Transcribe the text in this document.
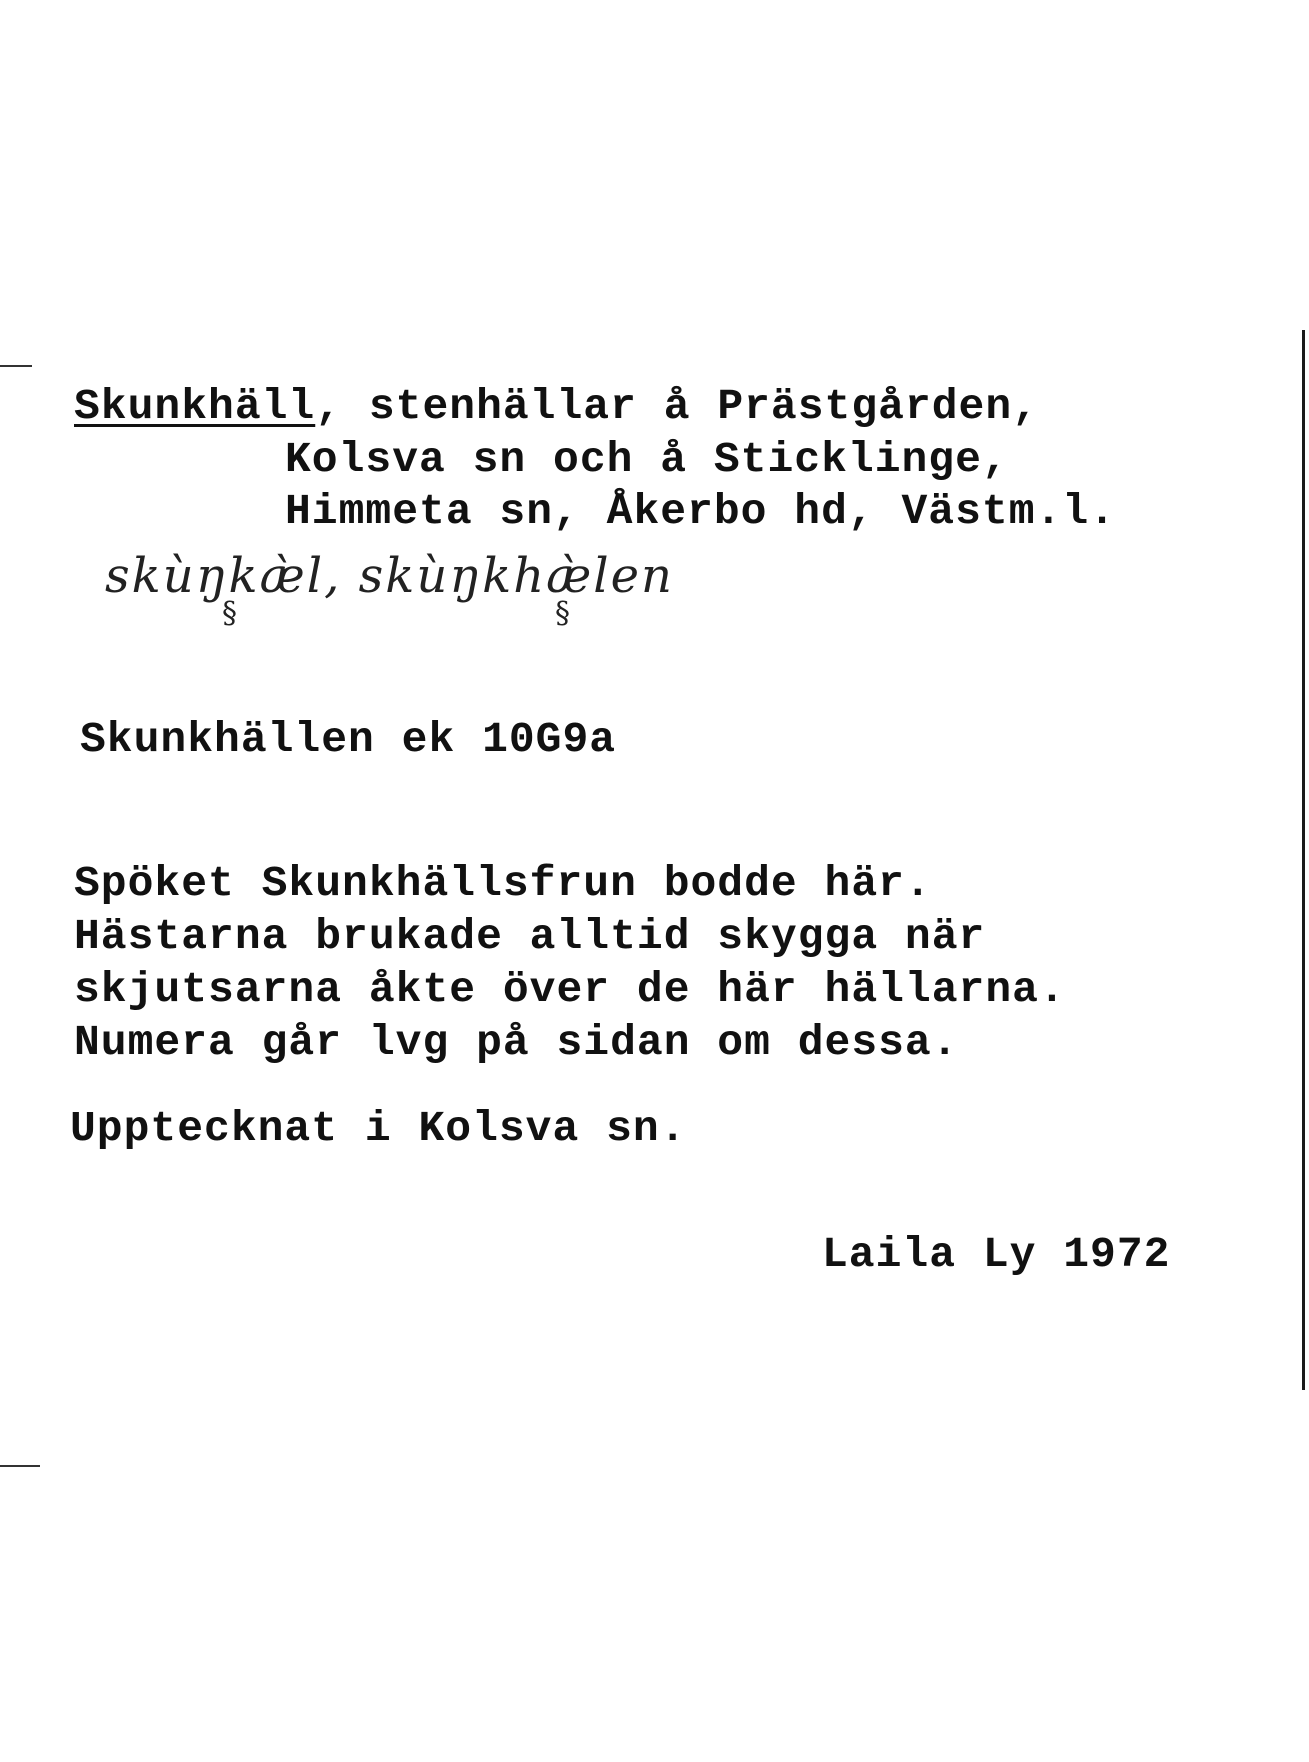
Skunkhäll, stenhällar å Prästgården,
Kolsva sn och å Sticklinge,
Himmeta sn, Åkerbo hd, Västm.l.
skùŋkæ̀l, skùŋkhæ̀len
§	§
Skunkhällen ek 10G9a
Spöket Skunkhällsfrun bodde här.
Hästarna brukade alltid skygga när
skjutsarna åkte över de här hällarna.
Numera går lvg på sidan om dessa.
Upptecknat i Kolsva sn.
Laila Ly 1972
